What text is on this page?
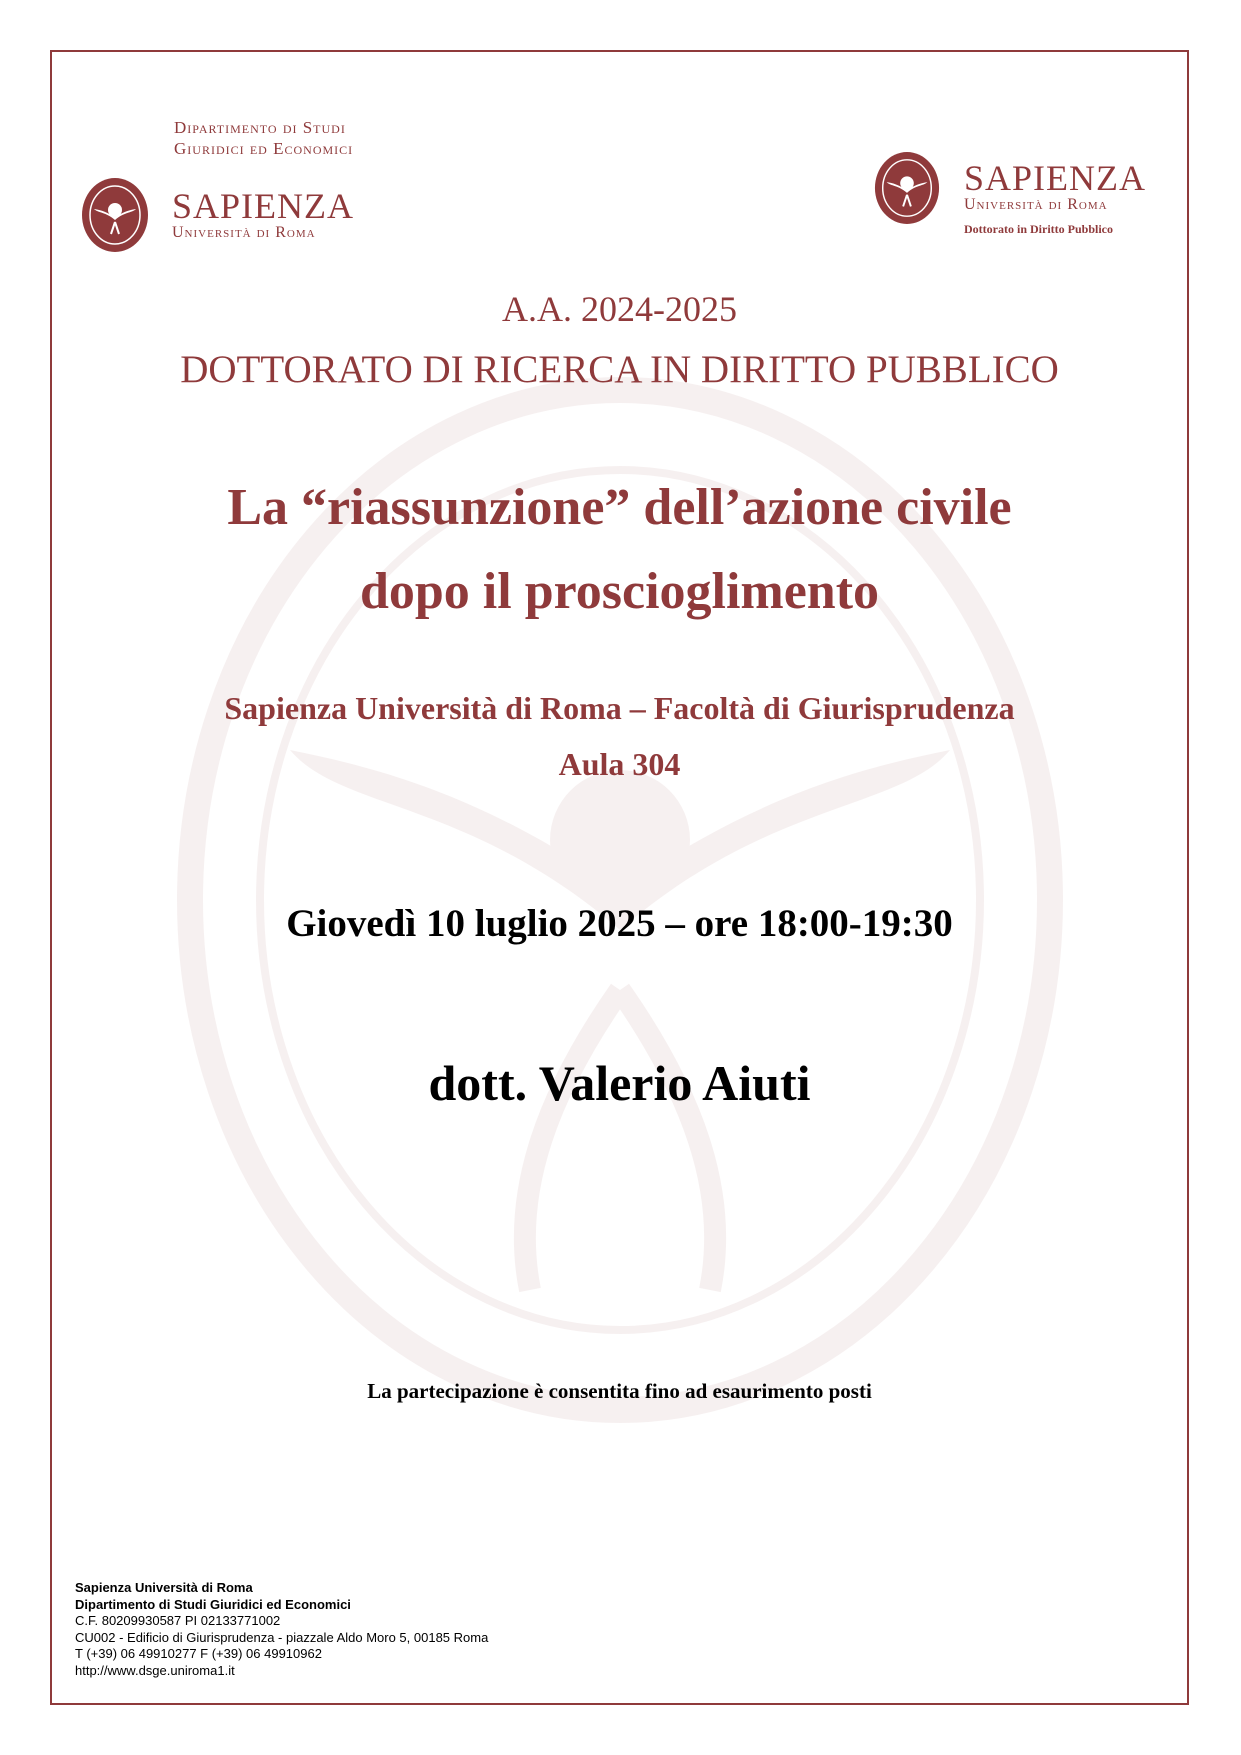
Dipartimento di Studi
Giuridici ed Economici
SAPIENZA
Università di Roma
SAPIENZA
Università di Roma
Dottorato in Diritto Pubblico
A.A. 2024-2025
DOTTORATO DI RICERCA IN DIRITTO PUBBLICO
La “riassunzione” dell’azione civile
dopo il proscioglimento
Sapienza Università di Roma – Facoltà di Giurisprudenza
Aula 304
Giovedì 10 luglio 2025 – ore 18:00-19:30
dott. Valerio Aiuti
La partecipazione è consentita fino ad esaurimento posti
Sapienza Università di Roma
Dipartimento di Studi Giuridici ed Economici
C.F. 80209930587 PI 02133771002
CU002 - Edificio di Giurisprudenza - piazzale Aldo Moro 5, 00185 Roma
T (+39) 06 49910277 F (+39) 06 49910962
http://www.dsge.uniroma1.it
